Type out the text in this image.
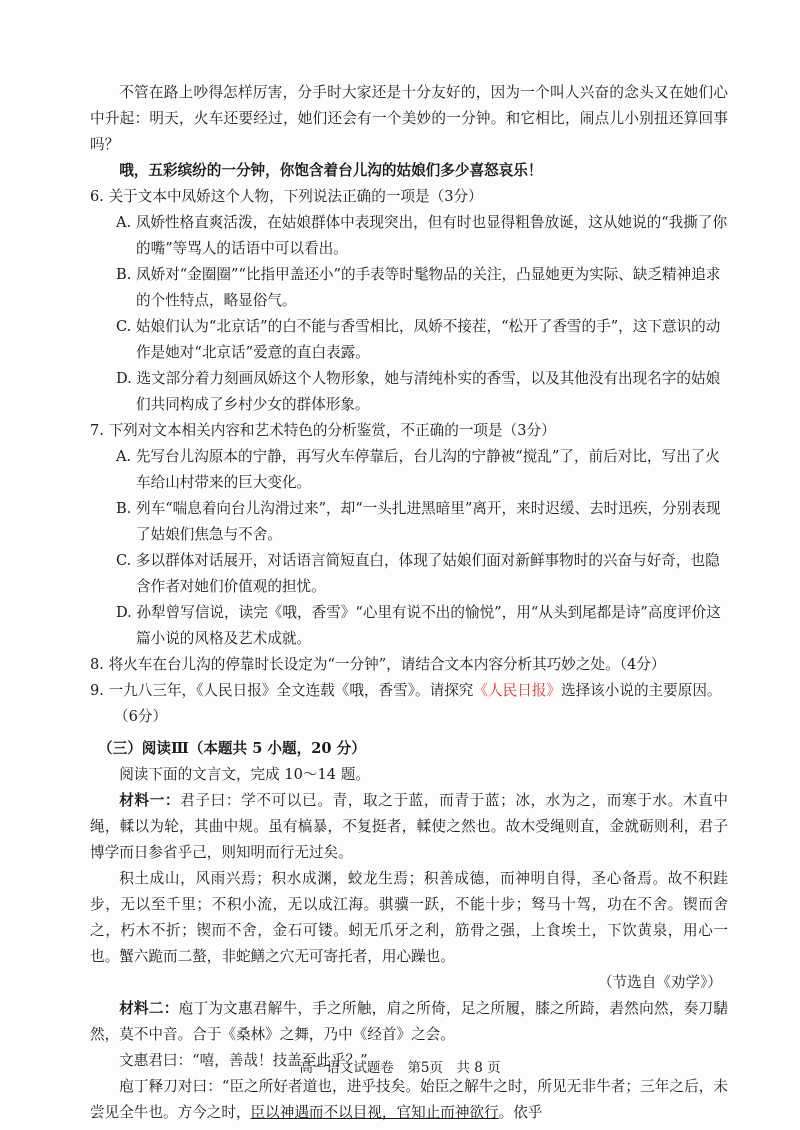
不管在路上吵得怎样厉害，分手时大家还是十分友好的，因为一个叫人兴奋的念头又在她们心中升起：明天，火车还要经过，她们还会有一个美妙的一分钟。和它相比，闹点儿小别扭还算回事吗？

哦，五彩缤纷的一分钟，你饱含着台儿沟的姑娘们多少喜怒哀乐！

6. 关于文本中凤娇这个人物，下列说法正确的一项是（3分）

A. 凤娇性格直爽活泼，在姑娘群体中表现突出，但有时也显得粗鲁放诞，这从她说的“我撕了你的嘴”等骂人的话语中可以看出。

B. 凤娇对“金圈圈”“比指甲盖还小”的手表等时髦物品的关注，凸显她更为实际、缺乏精神追求的个性特点，略显俗气。

C. 姑娘们认为“北京话”的白不能与香雪相比，凤娇不接茬，“松开了香雪的手”，这下意识的动作是她对“北京话”爱意的直白表露。

D. 选文部分着力刻画凤娇这个人物形象，她与清纯朴实的香雪，以及其他没有出现名字的姑娘们共同构成了乡村少女的群体形象。

7. 下列对文本相关内容和艺术特色的分析鉴赏，不正确的一项是（3分）

A. 先写台儿沟原本的宁静，再写火车停靠后，台儿沟的宁静被“搅乱”了，前后对比，写出了火车给山村带来的巨大变化。

B. 列车“喘息着向台儿沟滑过来”，却“一头扎进黑暗里”离开，来时迟缓、去时迅疾，分别表现了姑娘们焦急与不舍。

C. 多以群体对话展开，对话语言简短直白，体现了姑娘们面对新鲜事物时的兴奋与好奇，也隐含作者对她们价值观的担忧。

D. 孙犁曾写信说，读完《哦，香雪》“心里有说不出的愉悦”，用“从头到尾都是诗”高度评价这篇小说的风格及艺术成就。

8. 将火车在台儿沟的停靠时长设定为“一分钟”，请结合文本内容分析其巧妙之处。（4分）

9. 一九八三年，《人民日报》全文连载《哦，香雪》。请探究《人民日报》选择该小说的主要原因。（6分）

（三）阅读Ⅲ（本题共 5 小题，20 分）

阅读下面的文言文，完成 10～14 题。

材料一：君子曰：学不可以已。青，取之于蓝，而青于蓝；冰，水为之，而寒于水。木直中绳，輮以为轮，其曲中规。虽有槁暴，不复挺者，輮使之然也。故木受绳则直，金就砺则利，君子博学而日参省乎己，则知明而行无过矣。

积土成山，风雨兴焉；积水成渊，蛟龙生焉；积善成德，而神明自得，圣心备焉。故不积跬步，无以至千里；不积小流，无以成江海。骐骥一跃，不能十步；驽马十驾，功在不舍。锲而舍之，朽木不折；锲而不舍，金石可镂。蚓无爪牙之利，筋骨之强，上食埃土，下饮黄泉，用心一也。蟹六跪而二螯，非蛇鳝之穴无可寄托者，用心躁也。

（节选自《劝学》）

材料二：庖丁为文惠君解牛，手之所触，肩之所倚，足之所履，膝之所踦，砉然向然，奏刀騞然，莫不中音。合于《桑林》之舞，乃中《经首》之会。

文惠君曰：“嘻，善哉！技盖至此乎？”

庖丁释刀对曰：“臣之所好者道也，进乎技矣。始臣之解牛之时，所见无非牛者；三年之后，未尝见全牛也。方今之时，臣以神遇而不以目视，官知止而神欲行。依乎

高一语文试题卷　第5页　共 8 页
